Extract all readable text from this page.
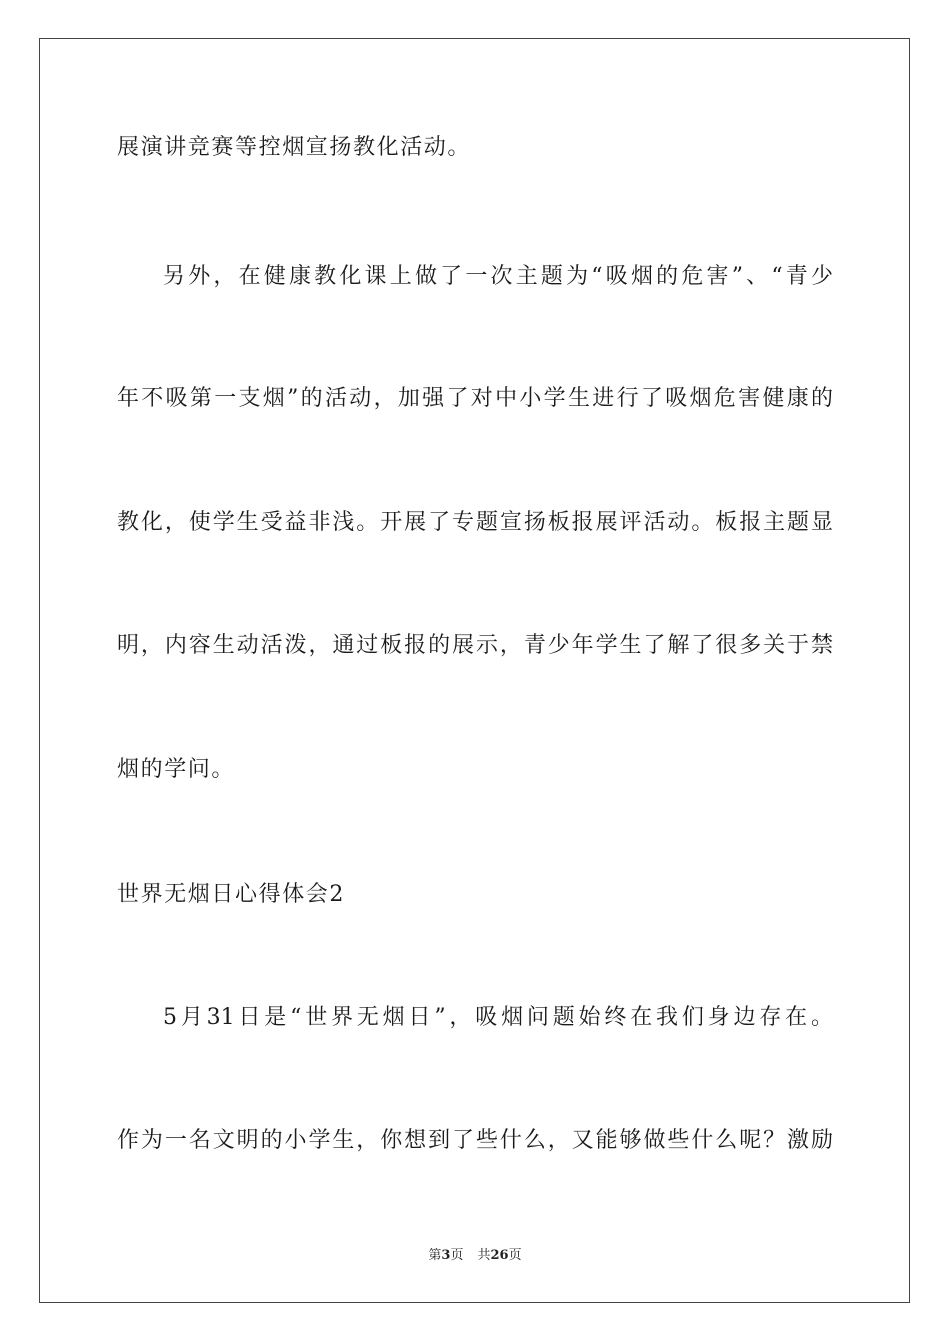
展演讲竞赛等控烟宣扬教化活动。
另外，在健康教化课上做了一次主题为“吸烟的危害”、“青少
年不吸第一支烟”的活动，加强了对中小学生进行了吸烟危害健康的
教化，使学生受益非浅。开展了专题宣扬板报展评活动。板报主题显
明，内容生动活泼，通过板报的展示，青少年学生了解了很多关于禁
烟的学问。
世界无烟日心得体会2
5月31日是“世界无烟日”，吸烟问题始终在我们身边存在。
作为一名文明的小学生，你想到了些什么，又能够做些什么呢？激励
第3页 共26页
